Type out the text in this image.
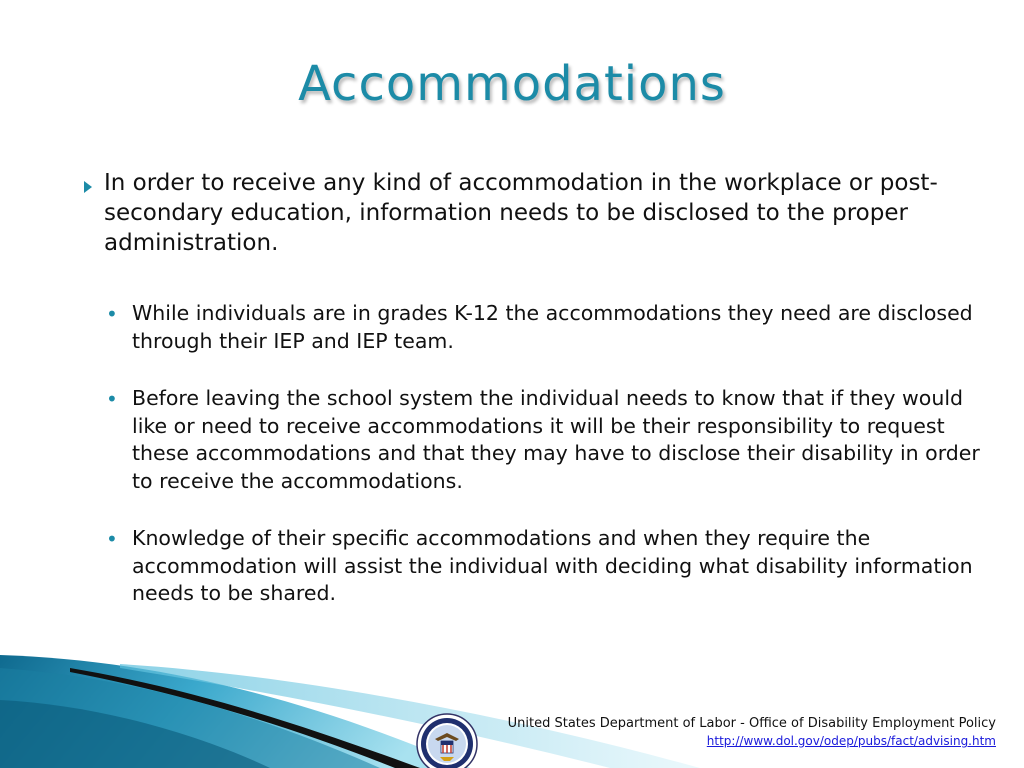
Accommodations
In order to receive any kind of accommodation in the workplace or post-secondary education, information needs to be disclosed to the proper administration.
• While individuals are in grades K-12 the accommodations they need are disclosed through their IEP and IEP team.
• Before leaving the school system the individual needs to know that if they would like or need to receive accommodations it will be their responsibility to request these accommodations and that they may have to disclose their disability in order to receive the accommodations.
• Knowledge of their specific accommodations and when they require the accommodation will assist the individual with deciding what disability information needs to be shared.
United States Department of Labor - Office of Disability Employment Policy
http://www.dol.gov/odep/pubs/fact/advising.htm
